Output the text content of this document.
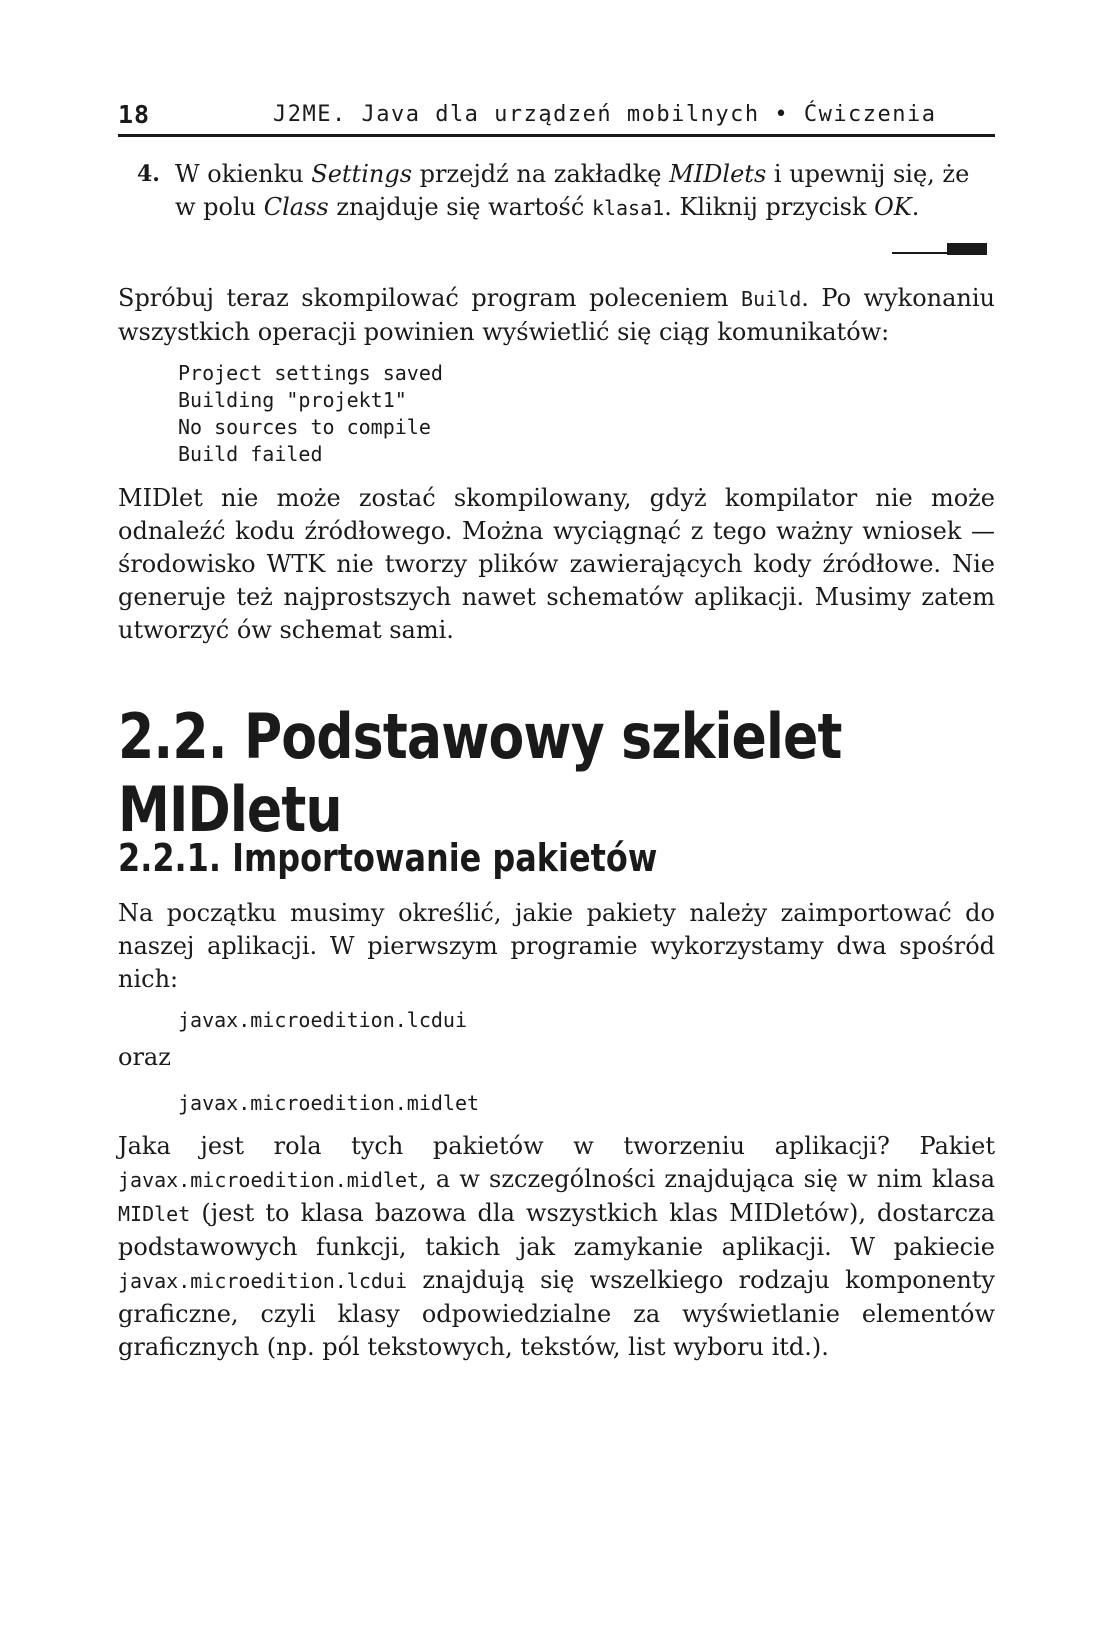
18	J2ME. Java dla urządzeń mobilnych • Ćwiczenia
4. W okienku Settings przejdź na zakładkę MIDlets i upewnij się, że w polu Class znajduje się wartość klasa1. Kliknij przycisk OK.

Spróbuj teraz skompilować program poleceniem Build. Po wykonaniu wszystkich operacji powinien wyświetlić się ciąg komunikatów:

Project settings saved
Building "projekt1"
No sources to compile
Build failed

MIDlet nie może zostać skompilowany, gdyż kompilator nie może odnaleźć kodu źródłowego. Można wyciągnąć z tego ważny wniosek — środowisko WTK nie tworzy plików zawierających kody źródłowe. Nie generuje też najprostszych nawet schematów aplikacji. Musimy zatem utworzyć ów schemat sami.

2.2. Podstawowy szkielet MIDletu
2.2.1. Importowanie pakietów

Na początku musimy określić, jakie pakiety należy zaimportować do naszej aplikacji. W pierwszym programie wykorzystamy dwa spośród nich:

javax.microedition.lcdui

oraz

javax.microedition.midlet

Jaka jest rola tych pakietów w tworzeniu aplikacji? Pakiet javax.microedition.midlet, a w szczególności znajdująca się w nim klasa MIDlet (jest to klasa bazowa dla wszystkich klas MIDletów), dostarcza podstawowych funkcji, takich jak zamykanie aplikacji. W pakiecie javax.microedition.lcdui znajdują się wszelkiego rodzaju komponenty graficzne, czyli klasy odpowiedzialne za wyświetlanie elementów graficznych (np. pól tekstowych, tekstów, list wyboru itd.).
